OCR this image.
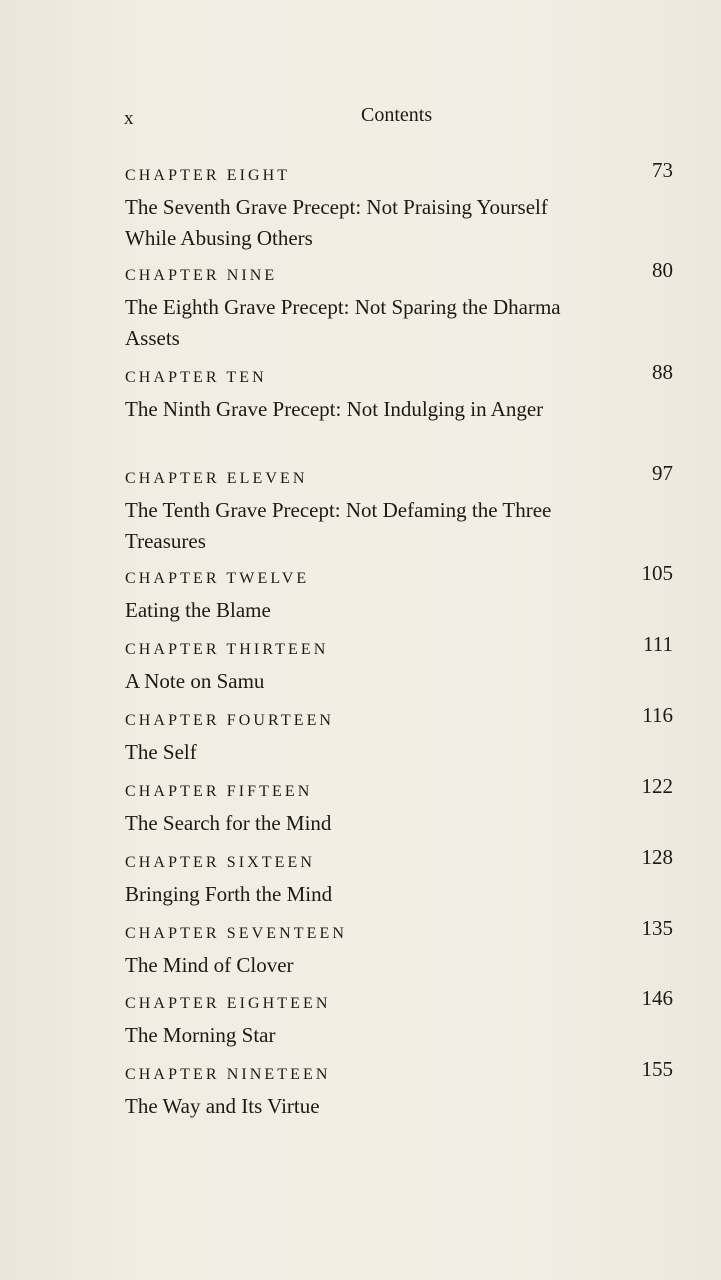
x	Contents
CHAPTER EIGHT	73
The Seventh Grave Precept: Not Praising Yourself While Abusing Others
CHAPTER NINE	80
The Eighth Grave Precept: Not Sparing the Dharma Assets
CHAPTER TEN	88
The Ninth Grave Precept: Not Indulging in Anger
CHAPTER ELEVEN	97
The Tenth Grave Precept: Not Defaming the Three Treasures
CHAPTER TWELVE	105
Eating the Blame
CHAPTER THIRTEEN	111
A Note on Samu
CHAPTER FOURTEEN	116
The Self
CHAPTER FIFTEEN	122
The Search for the Mind
CHAPTER SIXTEEN	128
Bringing Forth the Mind
CHAPTER SEVENTEEN	135
The Mind of Clover
CHAPTER EIGHTEEN	146
The Morning Star
CHAPTER NINETEEN	155
The Way and Its Virtue
